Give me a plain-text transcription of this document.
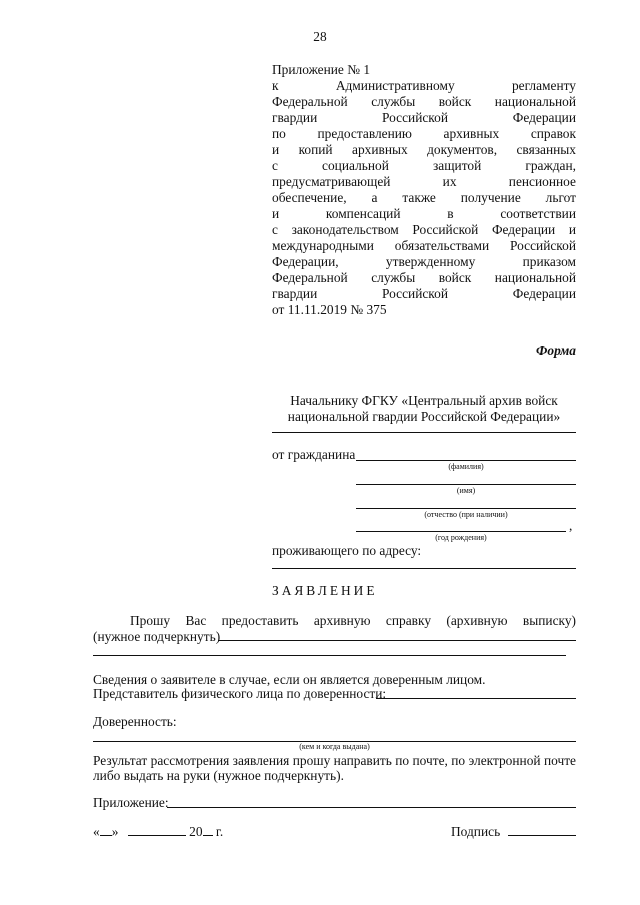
28
Приложение № 1
к Административному регламенту
Федеральной службы войск национальной
гвардии Российской Федерации
по предоставлению архивных справок
и копий архивных документов, связанных
с социальной защитой граждан,
предусматривающей их пенсионное
обеспечение, а также получение льгот
и компенсаций в соответствии
с законодательством Российской Федерации и
международными обязательствами Российской
Федерации, утвержденному приказом
Федеральной службы войск национальной
гвардии Российской Федерации
от 11.11.2019 № 375
Форма
Начальнику ФГКУ «Центральный архив войск
национальной гвардии Российской Федерации»
от гражданина
(фамилия)
(имя)
(отчество (при наличии)
,
(год рождения)
проживающего по адресу:
ЗАЯВЛЕНИЕ
Прошу Вас предоставить архивную справку (архивную выписку)
(нужное подчеркнуть)
Сведения о заявителе в случае, если он является доверенным лицом.
Представитель физического лица по доверенности:
Доверенность:
(кем и когда выдана)
Результат рассмотрения заявления прошу направить по почте, по электронной почте
либо выдать на руки (нужное подчеркнуть).
Приложение:
« »	20 г.	Подпись
